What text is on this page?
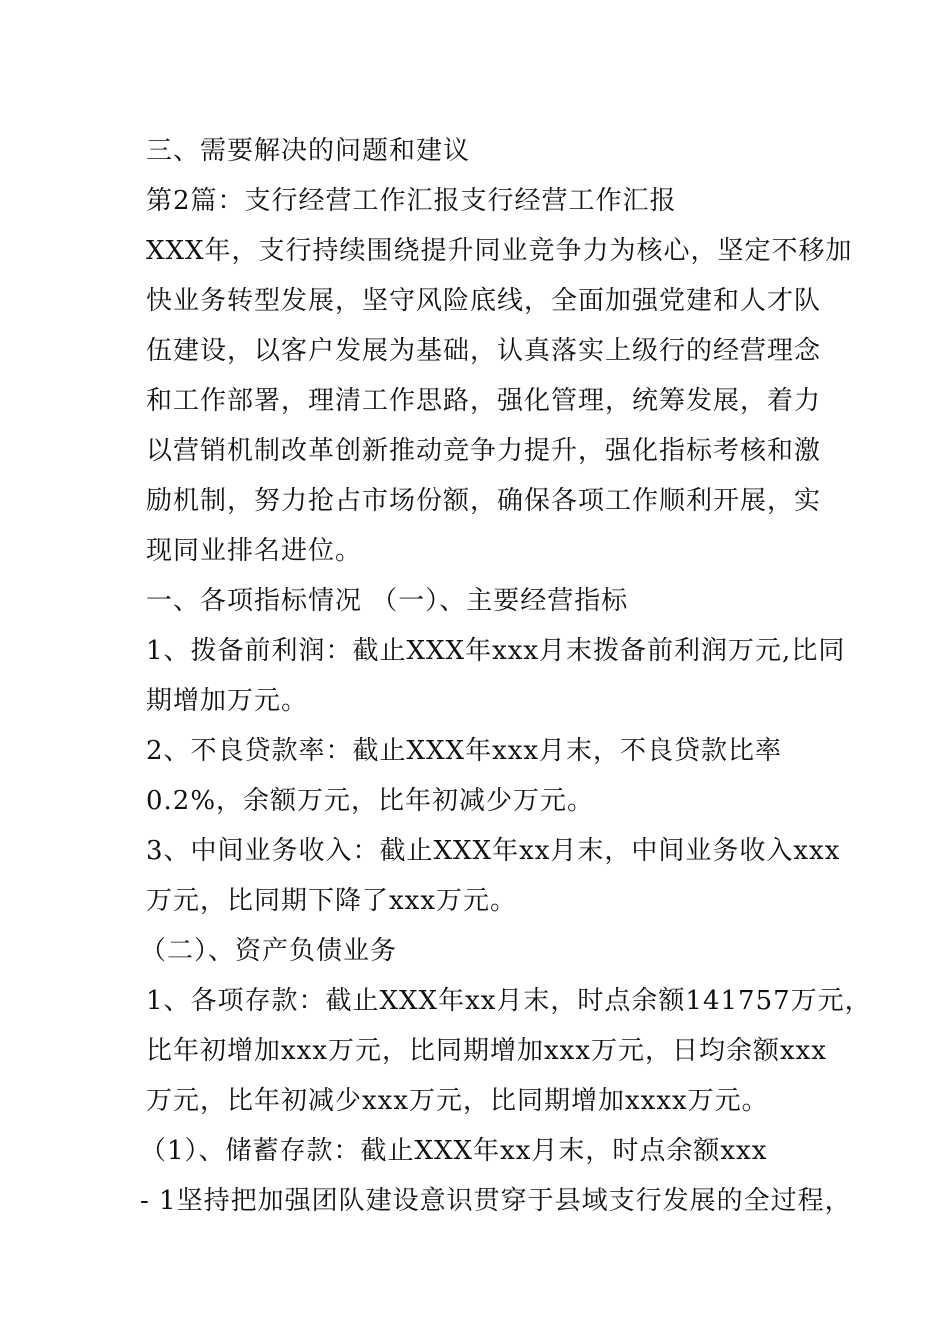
三、需要解决的问题和建议
第2篇：支行经营工作汇报支行经营工作汇报
XXX年，支行持续围绕提升同业竞争力为核心，坚定不移加
快业务转型发展，坚守风险底线，全面加强党建和人才队
伍建设，以客户发展为基础，认真落实上级行的经营理念
和工作部署，理清工作思路，强化管理，统筹发展，着力
以营销机制改革创新推动竞争力提升，强化指标考核和激
励机制，努力抢占市场份额，确保各项工作顺利开展，实
现同业排名进位。
一、各项指标情况 （一）、主要经营指标
1、拨备前利润：截止XXX年xxx月末拨备前利润万元,比同
期增加万元。
2、不良贷款率：截止XXX年xxx月末，不良贷款比率
0.2%，余额万元，比年初减少万元。
3、中间业务收入：截止XXX年xx月末，中间业务收入xxx
万元，比同期下降了xxx万元。
（二）、资产负债业务
1、各项存款：截止XXX年xx月末，时点余额141757万元，
比年初增加xxx万元，比同期增加xxx万元，日均余额xxx
万元，比年初减少xxx万元，比同期增加xxxx万元。
（1）、储蓄存款：截止XXX年xx月末，时点余额xxx
- 1坚持把加强团队建设意识贯穿于县域支行发展的全过程，
